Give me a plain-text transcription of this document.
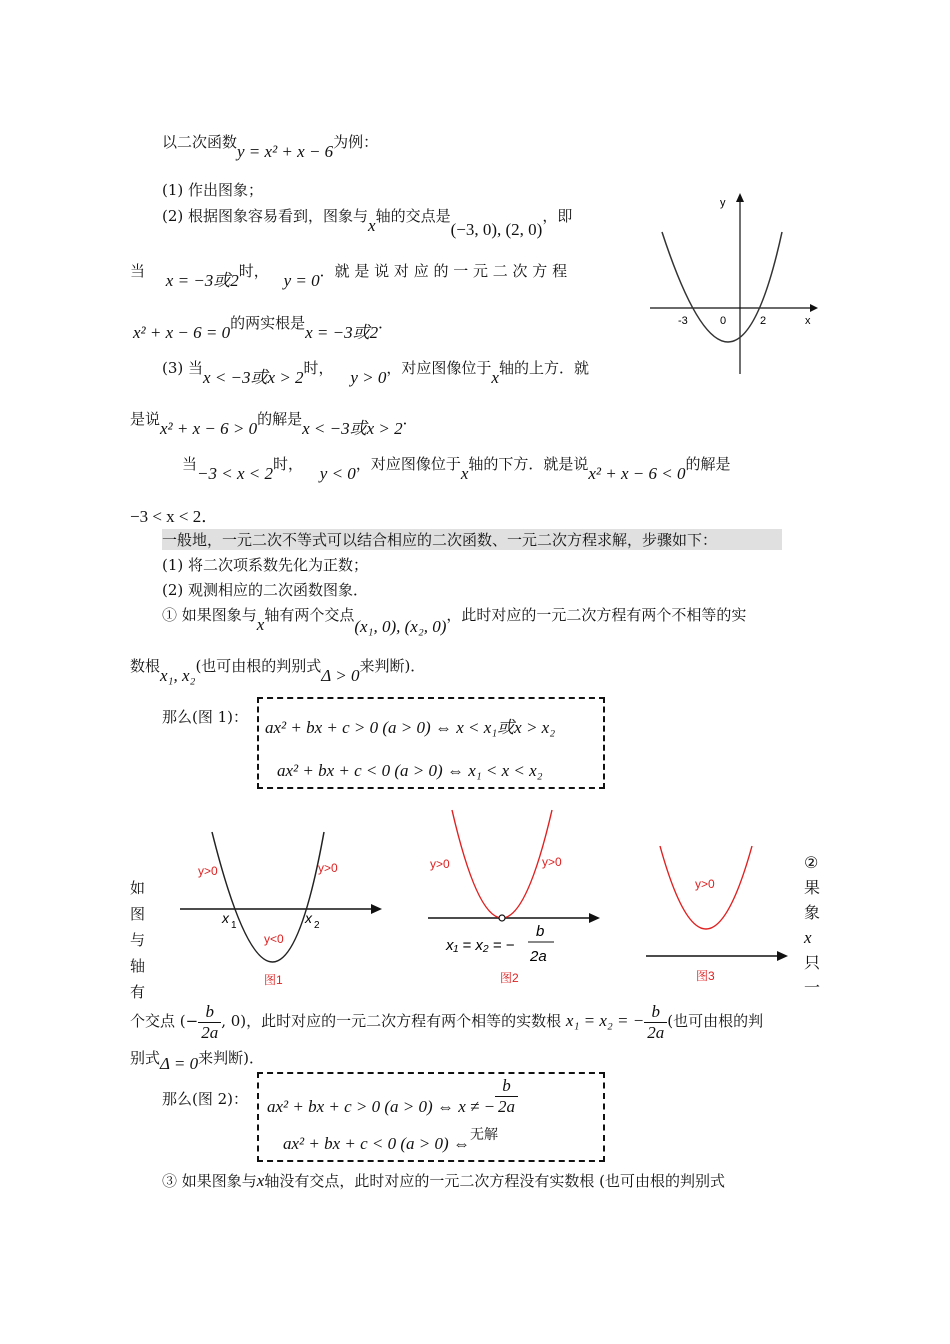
以二次函数y = x² + x − 6为例：
(1) 作出图象；
(2) 根据图象容易看到，图象与x轴的交点是(−3, 0), (2, 0)，即
当 x = −3或2时， y = 0．就 是 说 对 应 的 一 元 二 次 方 程
x² + x − 6 = 0的两实根是x = −3或2．
(3) 当x < −3或x > 2时， y > 0，对应图像位于x轴的上方．就
是说x² + x − 6 > 0的解是x < −3或x > 2．
当−3 < x < 2时， y < 0，对应图像位于x轴的下方．就是说x² + x − 6 < 0的解是
−3 < x < 2．
一般地，一元二次不等式可以结合相应的二次函数、一元二次方程求解，步骤如下：
(1) 将二次项系数先化为正数；
(2) 观测相应的二次函数图象．
① 如果图象与x轴有两个交点(x₁, 0), (x₂, 0)，此时对应的一元二次方程有两个不相等的实
数根x₁, x₂(也可由根的判别式Δ > 0来判断)．
那么(图 1)：
ax² + bx + c > 0 (a > 0) ⇔ x < x₁或x > x₂
ax² + bx + c < 0 (a > 0) ⇔ x₁ < x < x₂
y
x
-3	0	2
如
图
与
轴
有
②
果
象
x
只
一
y>0	y>0
y<0
x 1	x 2
图1
y>0	y>0
x₁ = x₂ = −
b
2a
图2
y>0
图3
个交点 (− $\frac{b}{2a}$ , 0)，此时对应的一元二次方程有两个相等的实数根 x₁ = x₂ = − $\frac{b}{2a}$ (也可由根的判
别式Δ = 0来判断)．
那么(图 2)： ax² + bx + c > 0 (a > 0) ⇔ x ≠ − $\frac{b}{2a}$
ax² + bx + c < 0 (a > 0) ⇔$^{无解}$
③ 如果图象与x轴没有交点，此时对应的一元二次方程没有实数根 (也可由根的判别式
